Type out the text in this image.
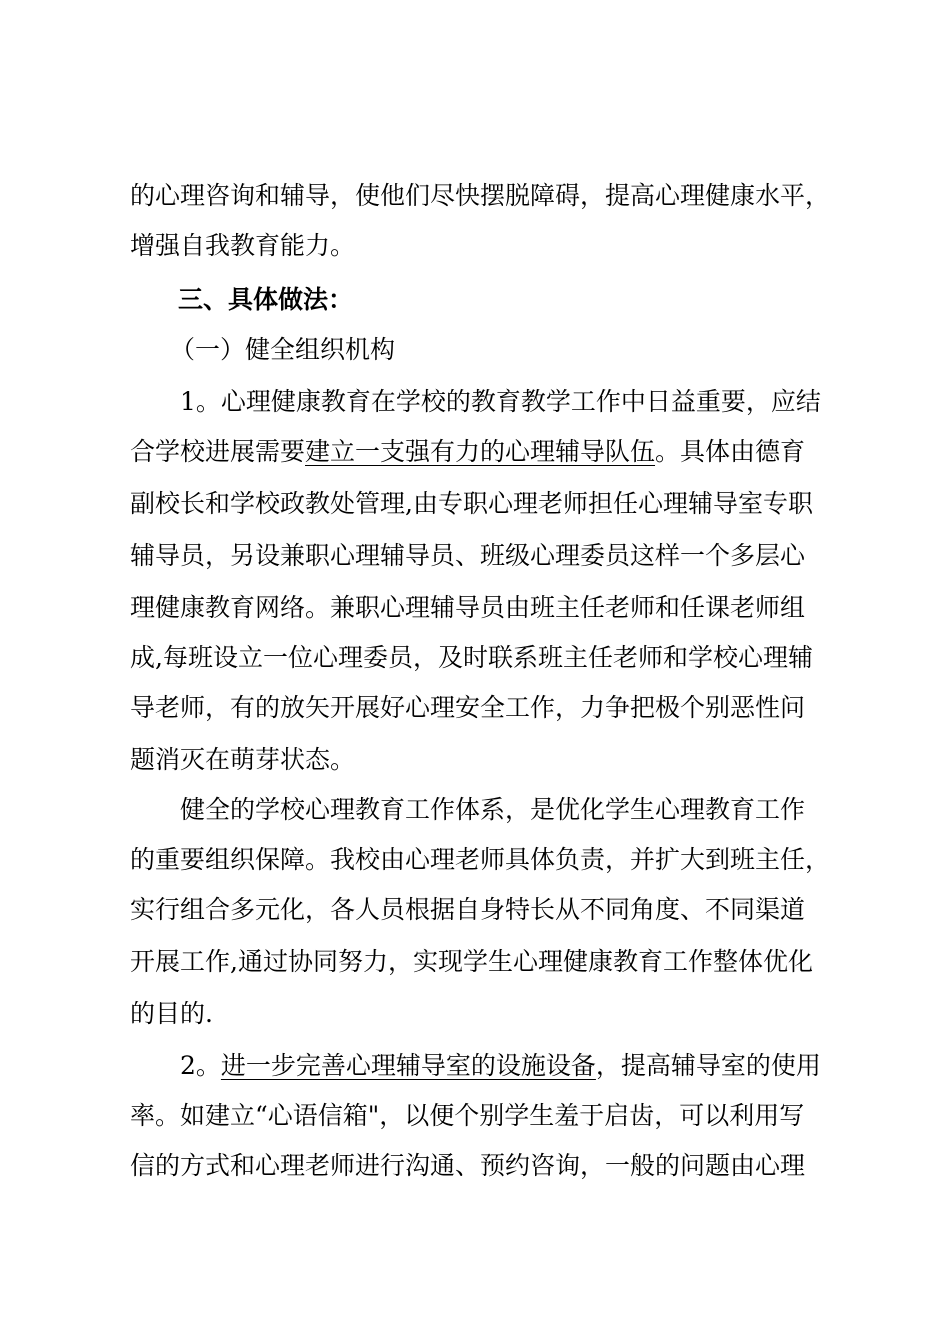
的心理咨询和辅导，使他们尽快摆脱障碍，提高心理健康水平，
增强自我教育能力。
三、具体做法：
（一）健全组织机构
1。心理健康教育在学校的教育教学工作中日益重要，应结
合学校进展需要建立一支强有力的心理辅导队伍。具体由德育
副校长和学校政教处管理,由专职心理老师担任心理辅导室专职
辅导员，另设兼职心理辅导员、班级心理委员这样一个多层心
理健康教育网络。兼职心理辅导员由班主任老师和任课老师组
成,每班设立一位心理委员，及时联系班主任老师和学校心理辅
导老师，有的放矢开展好心理安全工作，力争把极个别恶性问
题消灭在萌芽状态。
健全的学校心理教育工作体系，是优化学生心理教育工作
的重要组织保障。我校由心理老师具体负责，并扩大到班主任，
实行组合多元化，各人员根据自身特长从不同角度、不同渠道
开展工作,通过协同努力，实现学生心理健康教育工作整体优化
的目的.
2。进一步完善心理辅导室的设施设备，提高辅导室的使用
率。如建立“心语信箱"，以便个别学生羞于启齿，可以利用写
信的方式和心理老师进行沟通、预约咨询，一般的问题由心理
